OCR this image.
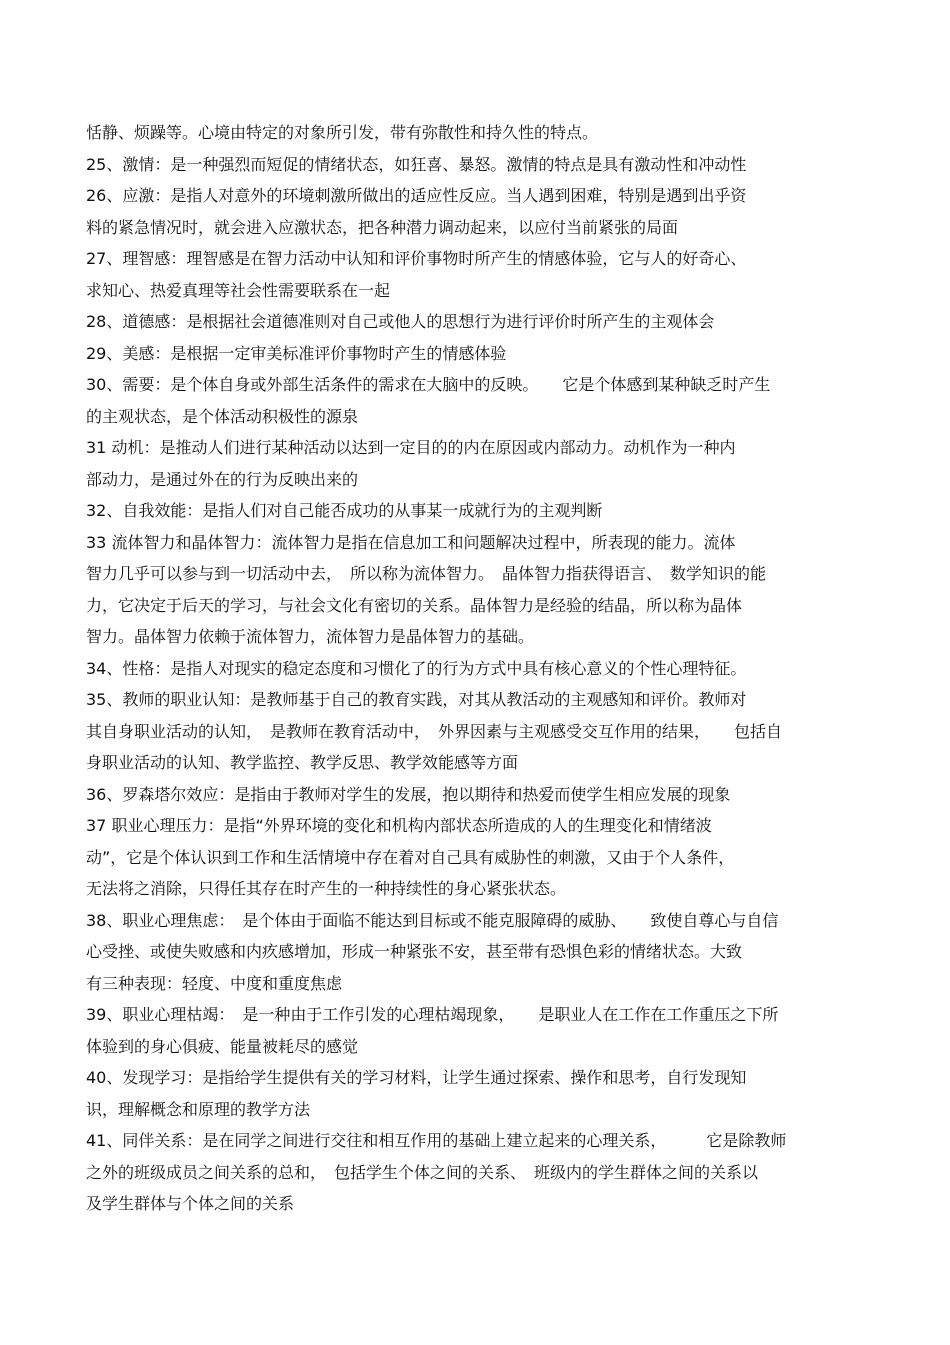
恬静、烦躁等。心境由特定的对象所引发，带有弥散性和持久性的特点。
25、激情：是一种强烈而短促的情绪状态，如狂喜、暴怒。激情的特点是具有激动性和冲动性
26、应激：是指人对意外的环境刺激所做出的适应性反应。当人遇到困难，特别是遇到出乎资
料的紧急情况时，就会进入应激状态，把各种潜力调动起来，以应付当前紧张的局面
27、理智感：理智感是在智力活动中认知和评价事物时所产生的情感体验，它与人的好奇心、
求知心、热爱真理等社会性需要联系在一起
28、道德感：是根据社会道德准则对自己或他人的思想行为进行评价时所产生的主观体会
29、美感：是根据一定审美标准评价事物时产生的情感体验
30、需要：是个体自身或外部生活条件的需求在大脑中的反映。　　它是个体感到某种缺乏时产生
的主观状态，是个体活动积极性的源泉
31 动机：是推动人们进行某种活动以达到一定目的的内在原因或内部动力。动机作为一种内
部动力，是通过外在的行为反映出来的
32、自我效能：是指人们对自己能否成功的从事某一成就行为的主观判断
33 流体智力和晶体智力：流体智力是指在信息加工和问题解决过程中，所表现的能力。流体
智力几乎可以参与到一切活动中去，　所以称为流体智力。　晶体智力指获得语言、　数学知识的能
力，它决定于后天的学习，与社会文化有密切的关系。晶体智力是经验的结晶，所以称为晶体
智力。晶体智力依赖于流体智力，流体智力是晶体智力的基础。
34、性格：是指人对现实的稳定态度和习惯化了的行为方式中具有核心意义的个性心理特征。
35、教师的职业认知：是教师基于自己的教育实践，对其从教活动的主观感知和评价。教师对
其自身职业活动的认知，　是教师在教育活动中，　外界因素与主观感受交互作用的结果，　　包括自
身职业活动的认知、教学监控、教学反思、教学效能感等方面
36、罗森塔尔效应：是指由于教师对学生的发展，抱以期待和热爱而使学生相应发展的现象
37 职业心理压力：是指“外界环境的变化和机构内部状态所造成的人的生理变化和情绪波
动”，它是个体认识到工作和生活情境中存在着对自己具有威胁性的刺激，又由于个人条件，
无法将之消除，只得任其存在时产生的一种持续性的身心紧张状态。
38、职业心理焦虑：　是个体由于面临不能达到目标或不能克服障碍的威胁、　　致使自尊心与自信
心受挫、或使失败感和内疚感增加，形成一种紧张不安，甚至带有恐惧色彩的情绪状态。大致
有三种表现：轻度、中度和重度焦虑
39、职业心理枯竭：　是一种由于工作引发的心理枯竭现象，　　是职业人在工作在工作重压之下所
体验到的身心俱疲、能量被耗尽的感觉
40、发现学习：是指给学生提供有关的学习材料，让学生通过探索、操作和思考，自行发现知
识，理解概念和原理的教学方法
41、同伴关系：是在同学之间进行交往和相互作用的基础上建立起来的心理关系，　　　它是除教师
之外的班级成员之间关系的总和，　包括学生个体之间的关系、　班级内的学生群体之间的关系以
及学生群体与个体之间的关系
